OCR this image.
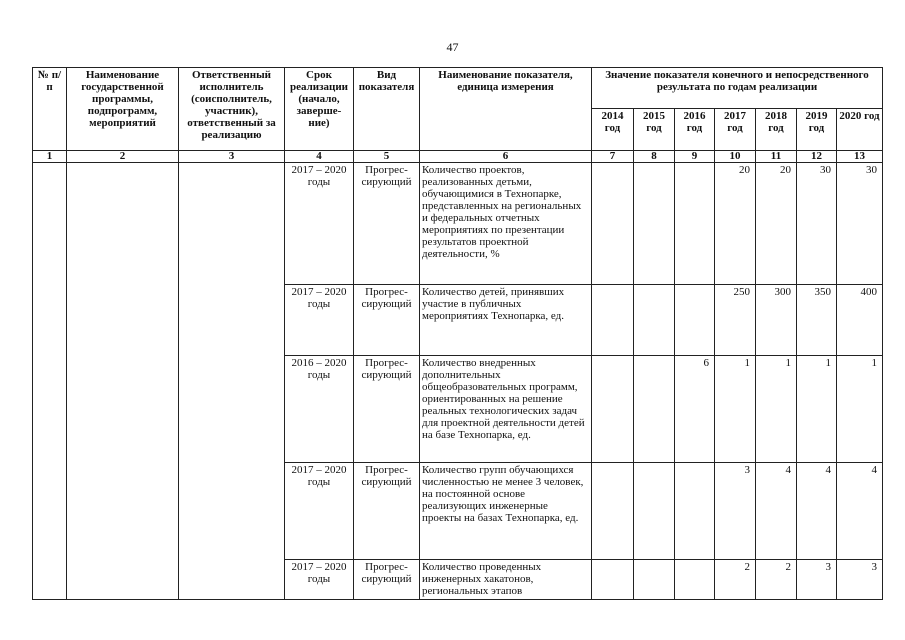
47
№ п/п	Наименование государственной программы, подпрограмм, мероприятий	Ответственный исполнитель (соисполнитель, участник), ответственный за реализацию	Срок реализации (начало, заверше-ние)	Вид показателя	Наименование показателя, единица измерения	Значение показателя конечного и непосредственного результата по годам реализации						
						2014 год	2015 год	2016 год	2017 год	2018 год	2019 год	2020 год
1	2	3	4	5	6	7	8	9	10	11	12	13
			2017 – 2020 годы	Прогрес-сирующий	Количество проектов, реализованных детьми, обучающимися в Технопарке, представленных на региональных и федеральных отчетных мероприятиях по презентации результатов проектной деятельности, %				20	20	30	30
			2017 – 2020 годы	Прогрес-сирующий	Количество детей, принявших участие в публичных мероприятиях Технопарка, ед.				250	300	350	400
			2016 – 2020 годы	Прогрес-сирующий	Количество внедренных дополнительных общеобразовательных программ, ориентированных на решение реальных технологических задач для проектной деятельности детей на базе Технопарка, ед.			6	1	1	1	1
			2017 – 2020 годы	Прогрес-сирующий	Количество групп обучающихся численностью не менее 3 человек, на постоянной основе реализующих инженерные проекты на базах Технопарка, ед.				3	4	4	4
			2017 – 2020 годы	Прогрес-сирующий	Количество проведенных инженерных хакатонов, региональных этапов				2	2	3	3
